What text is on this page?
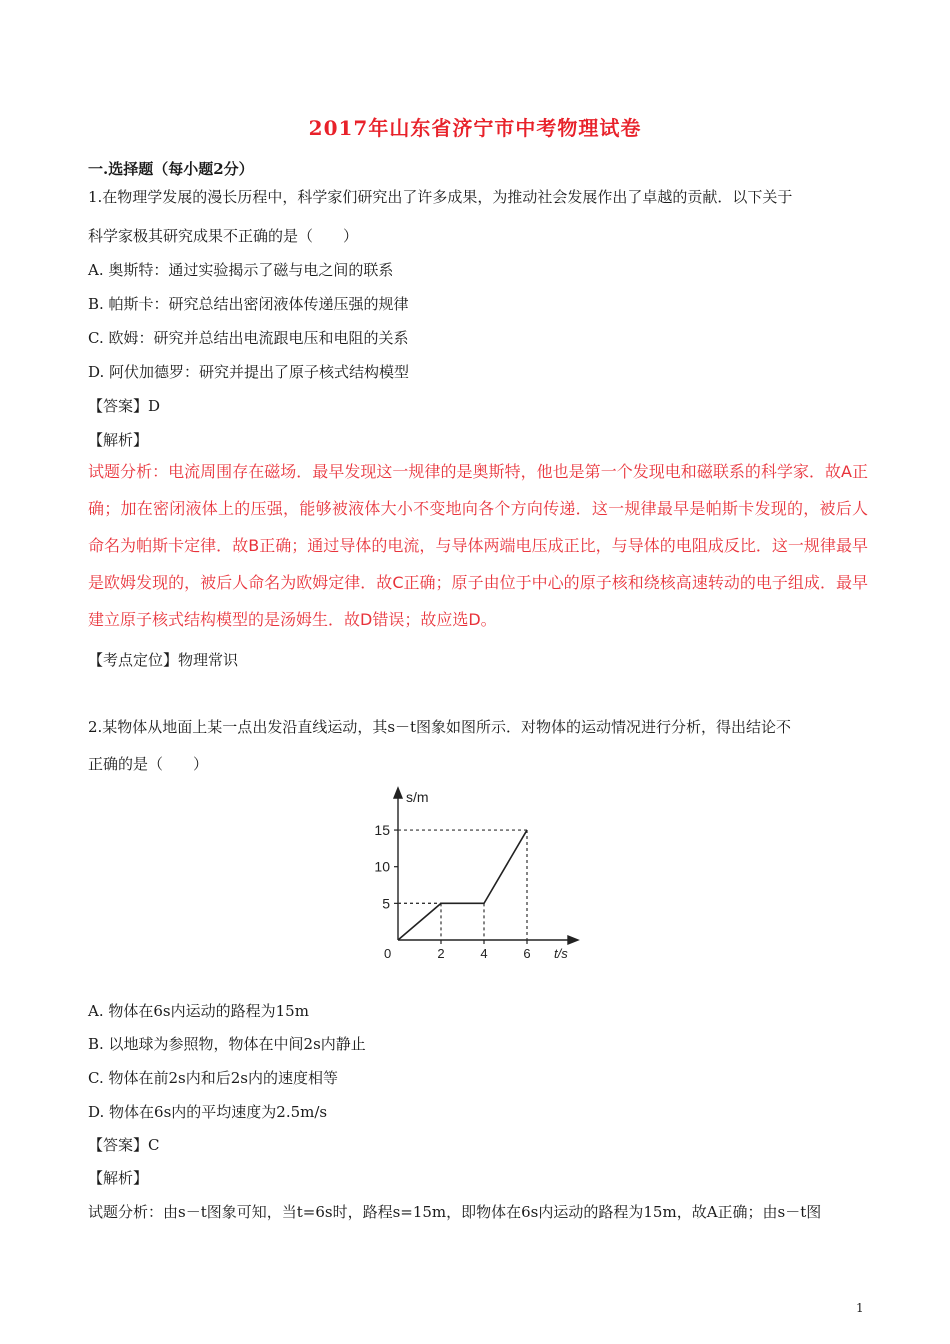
2017年山东省济宁市中考物理试卷
一.选择题（每小题2分）
1.在物理学发展的漫长历程中，科学家们研究出了许多成果，为推动社会发展作出了卓越的贡献．以下关于
科学家极其研究成果不正确的是（　　）
A. 奥斯特：通过实验揭示了磁与电之间的联系
B. 帕斯卡：研究总结出密闭液体传递压强的规律
C. 欧姆：研究并总结出电流跟电压和电阻的关系
D. 阿伏加德罗：研究并提出了原子核式结构模型
【答案】D
【解析】
试题分析：电流周围存在磁场．最早发现这一规律的是奥斯特，他也是第一个发现电和磁联系的科学家．故A正确；加在密闭液体上的压强，能够被液体大小不变地向各个方向传递．这一规律最早是帕斯卡发现的，被后人命名为帕斯卡定律．故B正确；通过导体的电流，与导体两端电压成正比，与导体的电阻成反比．这一规律最早是欧姆发现的，被后人命名为欧姆定律．故C正确；原子由位于中心的原子核和绕核高速转动的电子组成．最早建立原子核式结构模型的是汤姆生．故D错误；故应选D。
【考点定位】物理常识
2.某物体从地面上某一点出发沿直线运动，其s－t图象如图所示．对物体的运动情况进行分析，得出结论不
正确的是（　　）
s/m
t/s
0
5
10
15
2	4	6
A. 物体在6s内运动的路程为15m
B. 以地球为参照物，物体在中间2s内静止
C. 物体在前2s内和后2s内的速度相等
D. 物体在6s内的平均速度为2.5m/s
【答案】C
【解析】
试题分析：由s－t图象可知，当t=6s时，路程s=15m，即物体在6s内运动的路程为15m，故A正确；由s－t图
1
